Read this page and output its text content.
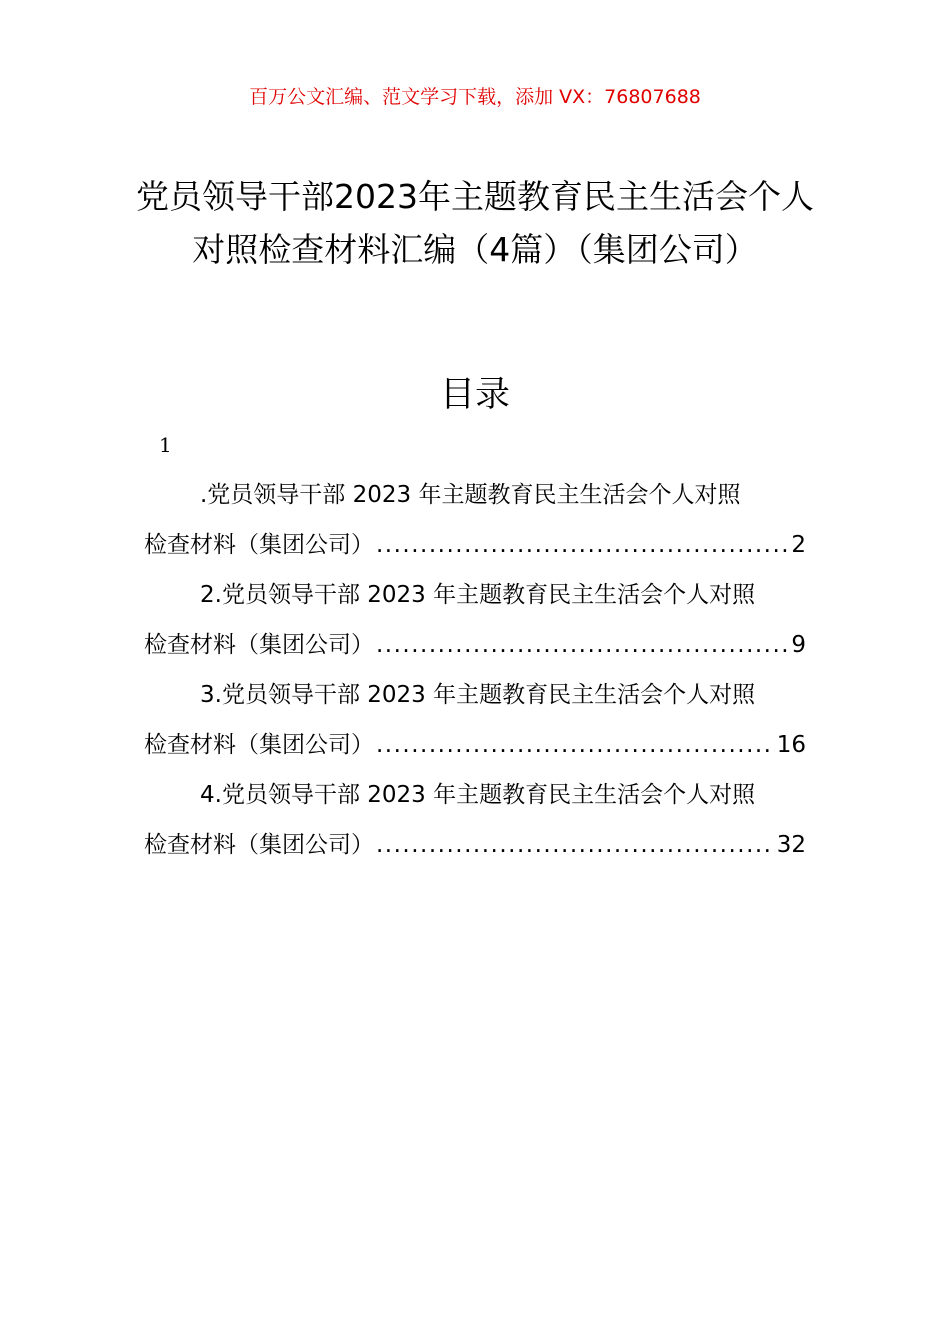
百万公文汇编、范文学习下载，添加 VX：76807688
党员领导干部2023年主题教育民主生活会个人对照检查材料汇编（4篇）（集团公司）
目录
1
.党员领导干部 2023 年主题教育民主生活会个人对照
检查材料（集团公司） .....	2
2.党员领导干部 2023 年主题教育民主生活会个人对照
检查材料（集团公司） .....	9
3.党员领导干部 2023 年主题教育民主生活会个人对照
检查材料（集团公司） .....	16
4.党员领导干部 2023 年主题教育民主生活会个人对照
检查材料（集团公司） .....	32
